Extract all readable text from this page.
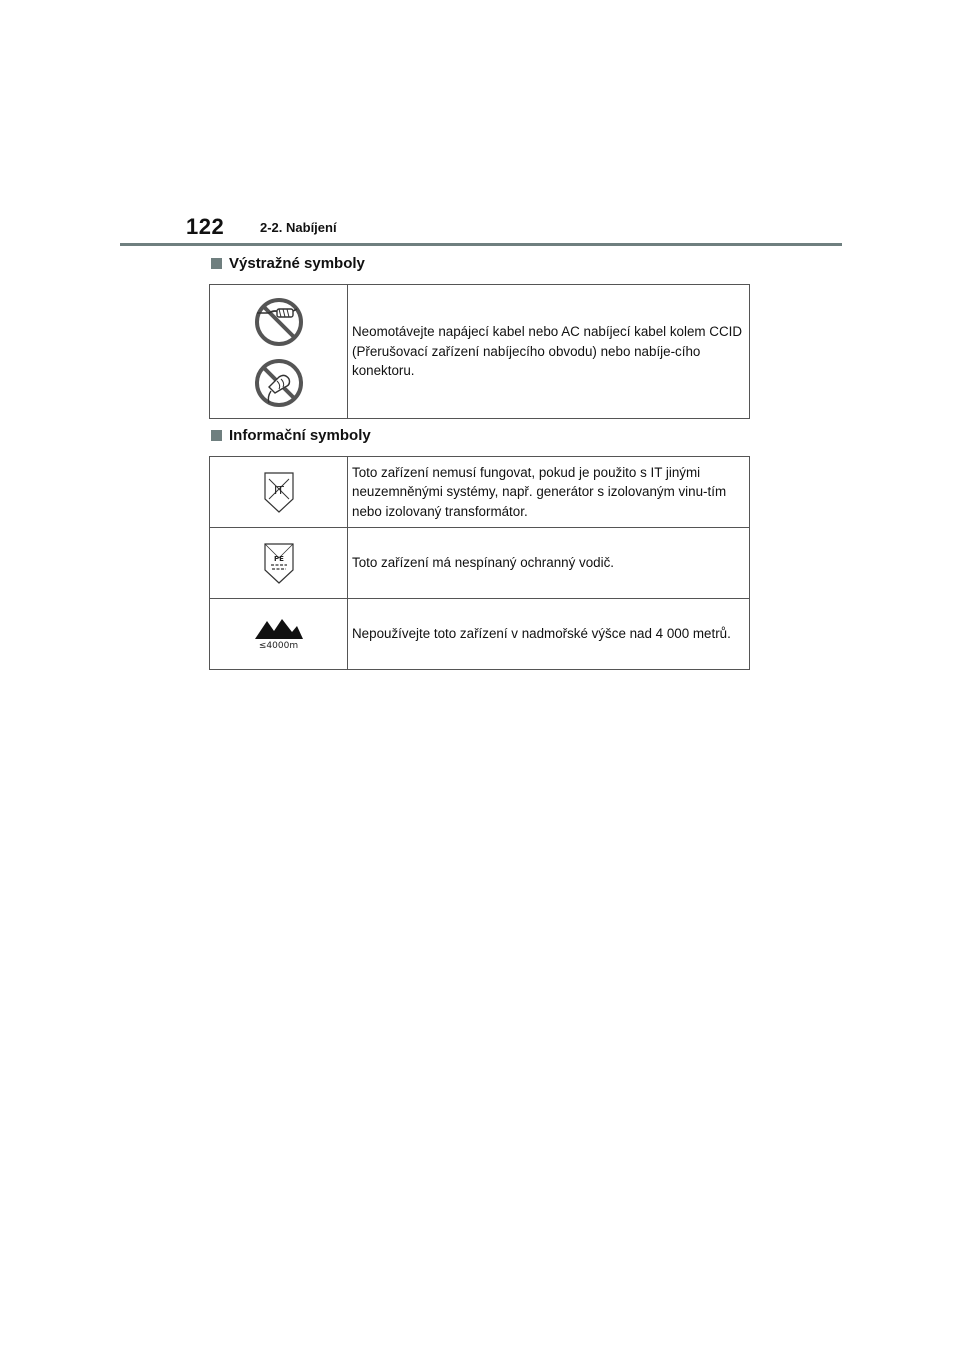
122	2-2. Nabíjení
Výstražné symboly
	Neomotávejte napájecí kabel nebo AC nabíjecí kabel kolem CCID (Přerušovací zařízení nabíjecího obvodu) nebo nabíje-cího konektoru.
Informační symboly
IT	Toto zařízení nemusí fungovat, pokud je použito s IT jinými neuzemněnými systémy, např. generátor s izolovaným vinu-tím nebo izolovaný transformátor.

PE	Toto zařízení má nespínaný ochranný vodič.

≤4000m	Nepoužívejte toto zařízení v nadmořské výšce nad 4 000 metrů.
